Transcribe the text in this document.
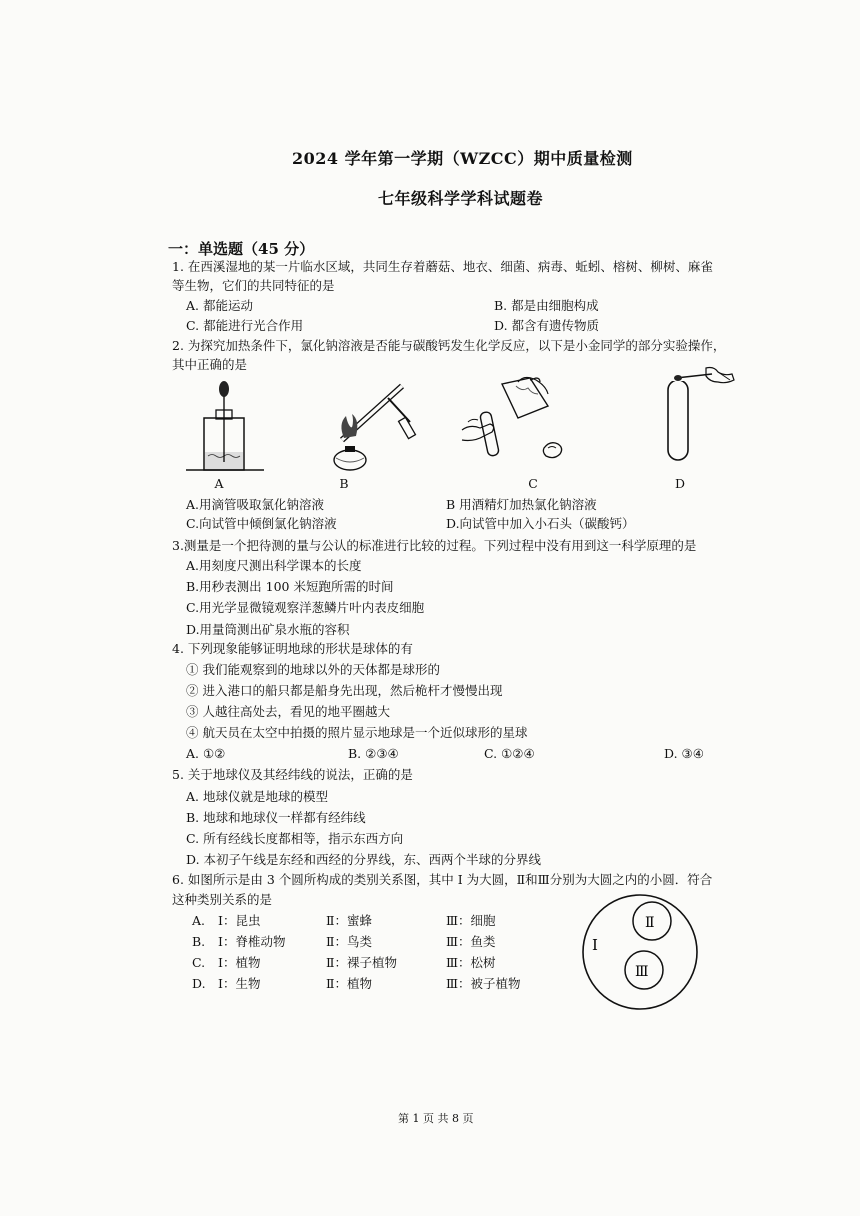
2024 学年第一学期（WZCC）期中质量检测
七年级科学学科试题卷
一：单选题（45 分）
1. 在西溪湿地的某一片临水区域，共同生存着蘑菇、地衣、细菌、病毒、蚯蚓、榕树、柳树、麻雀
等生物，它们的共同特征的是
A. 都能运动	B. 都是由细胞构成
C. 都能进行光合作用	D. 都含有遗传物质
2. 为探究加热条件下，氯化钠溶液是否能与碳酸钙发生化学反应，以下是小金同学的部分实验操作，
其中正确的是
A	B	C	D
A.用滴管吸取氯化钠溶液	B 用酒精灯加热氯化钠溶液
C.向试管中倾倒氯化钠溶液	D.向试管中加入小石头（碳酸钙）
3.测量是一个把待测的量与公认的标准进行比较的过程。下列过程中没有用到这一科学原理的是
A.用刻度尺测出科学课本的长度
B.用秒表测出 100 米短跑所需的时间
C.用光学显微镜观察洋葱鳞片叶内表皮细胞
D.用量筒测出矿泉水瓶的容积
4. 下列现象能够证明地球的形状是球体的有
① 我们能观察到的地球以外的天体都是球形的
② 进入港口的船只都是船身先出现，然后桅杆才慢慢出现
③ 人越往高处去，看见的地平圈越大
④ 航天员在太空中拍摄的照片显示地球是一个近似球形的星球
A. ①②	B. ②③④	C. ①②④	D. ③④
5. 关于地球仪及其经纬线的说法，正确的是
A. 地球仪就是地球的模型
B. 地球和地球仪一样都有经纬线
C. 所有经线长度都相等，指示东西方向
D. 本初子午线是东经和西经的分界线，东、西两个半球的分界线
6. 如图所示是由 3 个圆所构成的类别关系图，其中 Ⅰ 为大圆，Ⅱ和Ⅲ分别为大圆之内的小圆．符合
这种类别关系的是
A. Ⅰ：昆虫	Ⅱ：蜜蜂	Ⅲ：细胞
B. Ⅰ：脊椎动物	Ⅱ：鸟类	Ⅲ：鱼类
C. Ⅰ：植物	Ⅱ：裸子植物	Ⅲ：松树
D. Ⅰ：生物	Ⅱ：植物	Ⅲ：被子植物
Ⅰ
Ⅱ
Ⅲ
第 1 页 共 8 页
